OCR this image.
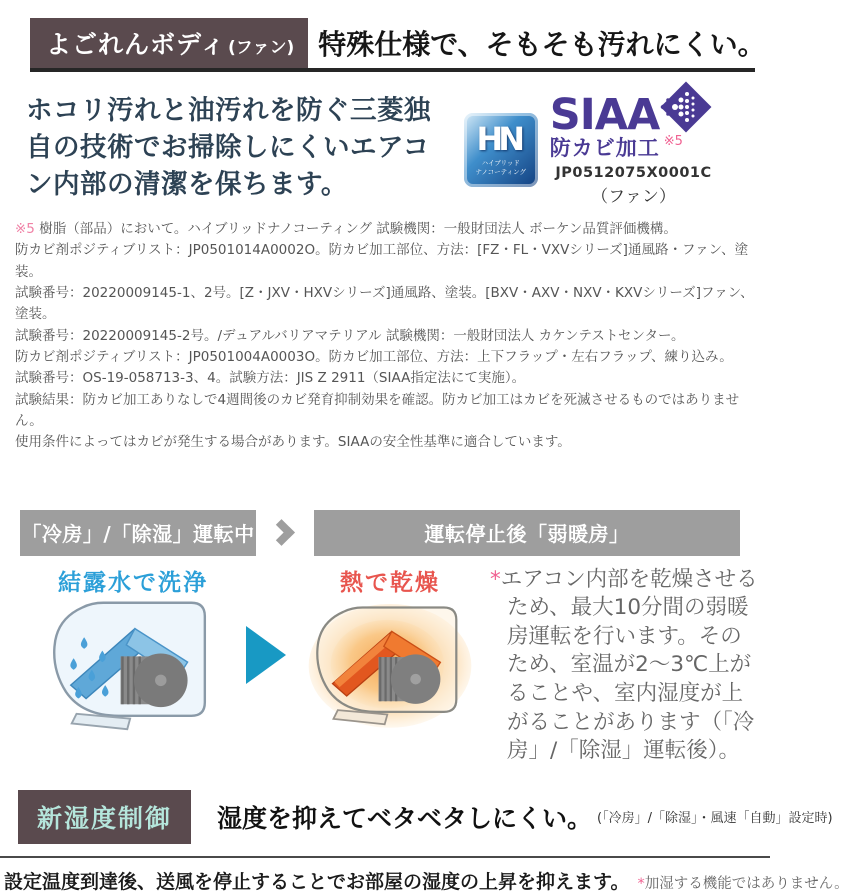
よごれんボディ (ファン) 特殊仕様で、そもそも汚れにくい。

ホコリ汚れと油汚れを防ぐ三菱独自の技術でお掃除しにくいエアコン内部の清潔を保ちます。

HN
ハイブリッド
ナノコーティング
SIAA
防カビ加工 ※5
JP0512075X0001C
（ファン）
※5 樹脂（部品）において。ハイブリッドナノコーティング 試験機関：一般財団法人 ボーケン品質評価機構。
防カビ剤ポジティブリスト：JP0501014A0002O。防カビ加工部位、方法：[FZ・FL・VXVシリーズ]通風路・ファン、塗装。
試験番号：20220009145-1、2号。[Z・JXV・HXVシリーズ]通風路、塗装。[BXV・AXV・NXV・KXVシリーズ]ファン、塗装。
試験番号：20220009145-2号。/デュアルバリアマテリアル 試験機関：一般財団法人 カケンテストセンター。
防カビ剤ポジティブリスト：JP0501004A0003O。防カビ加工部位、方法：上下フラップ・左右フラップ、練り込み。
試験番号：OS-19-058713-3、4。試験方法：JIS Z 2911（SIAA指定法にて実施）。
試験結果：防カビ加工ありなしで4週間後のカビ発育抑制効果を確認。防カビ加工はカビを死滅させるものではありません。
使用条件によってはカビが発生する場合があります。SIAAの安全性基準に適合しています。
「冷房」/「除湿」運転中	運転停止後「弱暖房」
結露水で洗浄	熱で乾燥	*エアコン内部を乾燥させるため、最大10分間の弱暖房運転を行います。そのため、室温が2～3℃上がることや、室内湿度が上がることがあります（「冷房」/「除湿」運転後）。

新湿度制御	湿度を抑えてベタベタしにくい。 (「冷房」/「除湿」・風速「自動」設定時)
設定温度到達後、送風を停止することでお部屋の湿度の上昇を抑えます。 *加湿する機能ではありません。
